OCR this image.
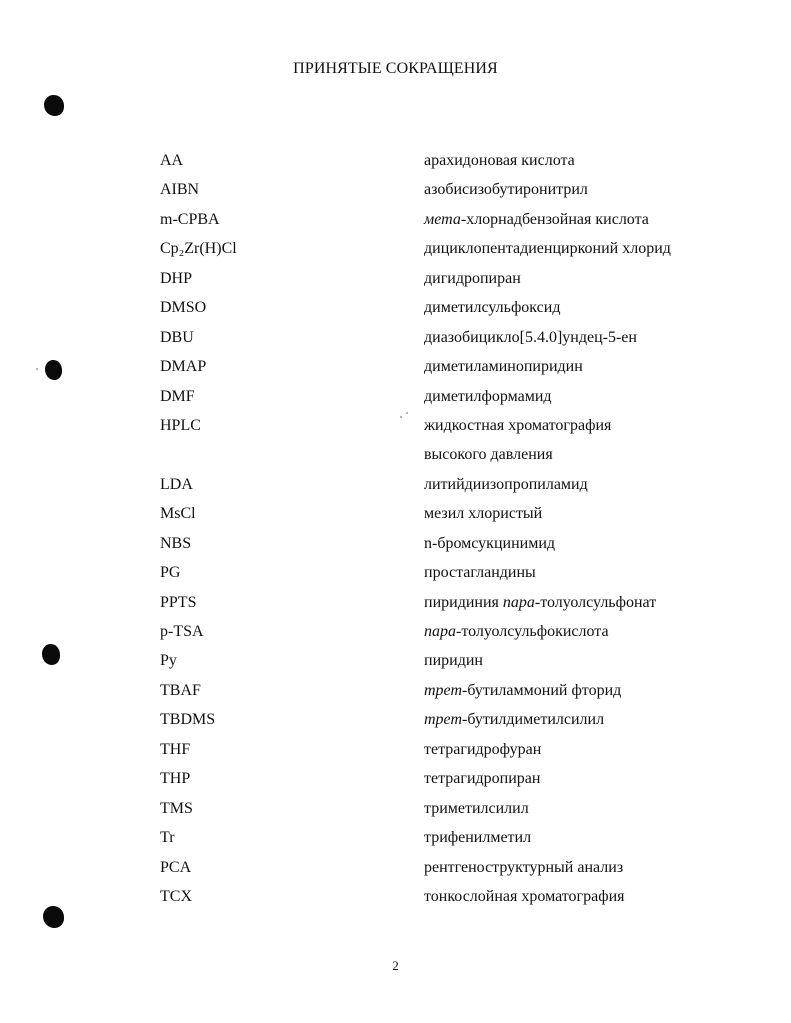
ПРИНЯТЫЕ СОКРАЩЕНИЯ
AA	арахидоновая кислота
AIBN	азобисизобутиронитрил
m-CPBA	мета-хлорнадбензойная кислота
Cp₂Zr(H)Cl	дициклопентадиенцирконий хлорид
DHP	дигидропиран
DMSO	диметилсульфоксид
DBU	диазобицикло[5.4.0]ундец-5-ен
DMAP	диметиламинопиридин
DMF	диметилформамид
HPLC	жидкостная хроматография
высокого давления
LDA	литийдиизопропиламид
MsCl	мезил хлористый
NBS	n-бромсукцинимид
PG	простагландины
PPTS	пиридиния пара-толуолсульфонат
p-TSA	пара-толуолсульфокислота
Py	пиридин
TBAF	трет-бутиламмоний фторид
TBDMS	трет-бутилдиметилсилил
THF	тетрагидрофуран
THP	тетрагидропиран
TMS	триметилсилил
Tr	трифенилметил
PCA	рентгеноструктурный анализ
TCX	тонкослойная хроматография
2
